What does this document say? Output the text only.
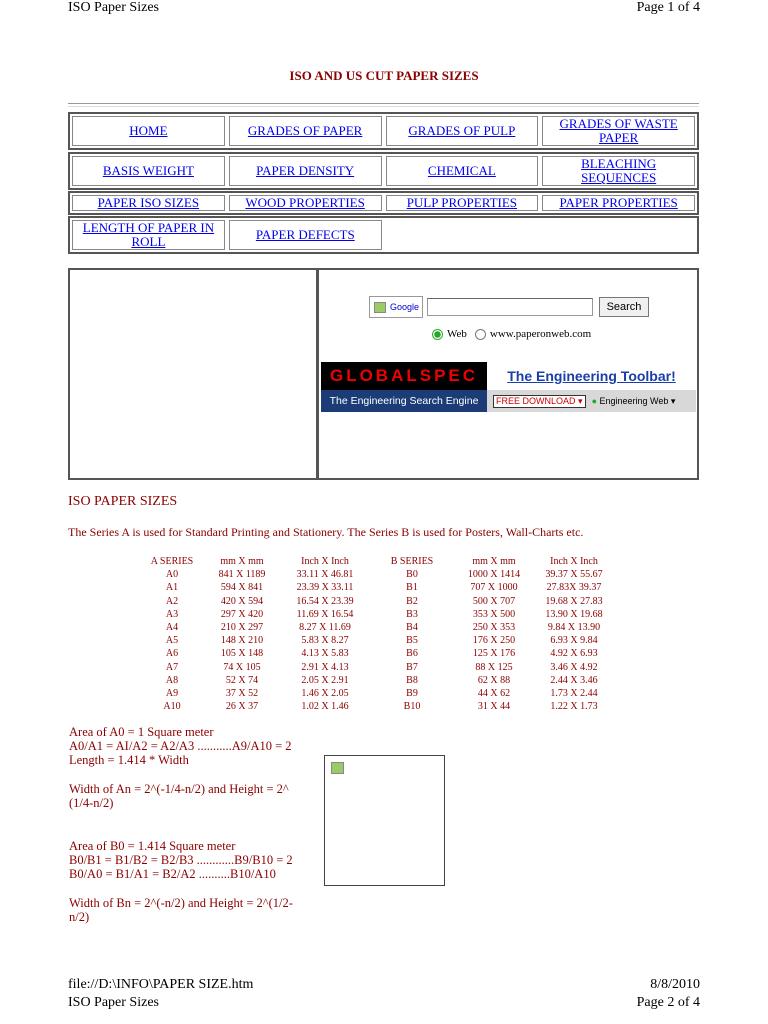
ISO Paper Sizes	Page 1 of 4
ISO AND US CUT PAPER SIZES
HOME	GRADES OF PAPER	GRADES OF PULP	GRADES OF WASTE PAPER
BASIS WEIGHT	PAPER DENSITY	CHEMICAL	BLEACHING SEQUENCES
PAPER ISO SIZES	WOOD PROPERTIES	PULP PROPERTIES	PAPER PROPERTIES
LENGTH OF PAPER IN ROLL	PAPER DEFECTS
Google	Search
Web www.paperonweb.com
GLOBALSPEC
The Engineering Search Engine
The Engineering Toolbar!
FREE DOWNLOAD ▾	● Engineering Web ▾
ISO PAPER SIZES
The Series A is used for Standard Printing and Stationery. The Series B is used for Posters, Wall-Charts etc.
A SERIES	mm X mm	Inch X Inch	B SERIES	mm X mm	Inch X Inch
A0	841 X 1189	33.11 X 46.81	B0	1000 X 1414	39.37 X 55.67
A1	594 X 841	23.39 X 33.11	B1	707 X 1000	27.83X 39.37
A2	420 X 594	16.54 X 23.39	B2	500 X 707	19.68 X 27.83
A3	297 X 420	11.69 X 16.54	B3	353 X 500	13.90 X 19.68
A4	210 X 297	8.27 X 11.69	B4	250 X 353	9.84 X 13.90
A5	148 X 210	5.83 X 8.27	B5	176 X 250	6.93 X 9.84
A6	105 X 148	4.13 X 5.83	B6	125 X 176	4.92 X 6.93
A7	74 X 105	2.91 X 4.13	B7	88 X 125	3.46 X 4.92
A8	52 X 74	2.05 X 2.91	B8	62 X 88	2.44 X 3.46
A9	37 X 52	1.46 X 2.05	B9	44 X 62	1.73 X 2.44
A10	26 X 37	1.02 X 1.46	B10	31 X 44	1.22 X 1.73
Area of A0 = 1 Square meter
A0/A1 = AI/A2 = A2/A3 ...........A9/A10 = 2
Length = 1.414 * Width
Width of An = 2^(-1/4-n/2) and Height = 2^
(1/4-n/2)
Area of B0 = 1.414 Square meter
B0/B1 = B1/B2 = B2/B3 ............B9/B10 = 2
B0/A0 = B1/A1 = B2/A2 ..........B10/A10
Width of Bn = 2^(-n/2) and Height = 2^(1/2-
n/2)
file://D:\INFO\PAPER SIZE.htm	8/8/2010
ISO Paper Sizes	Page 2 of 4
